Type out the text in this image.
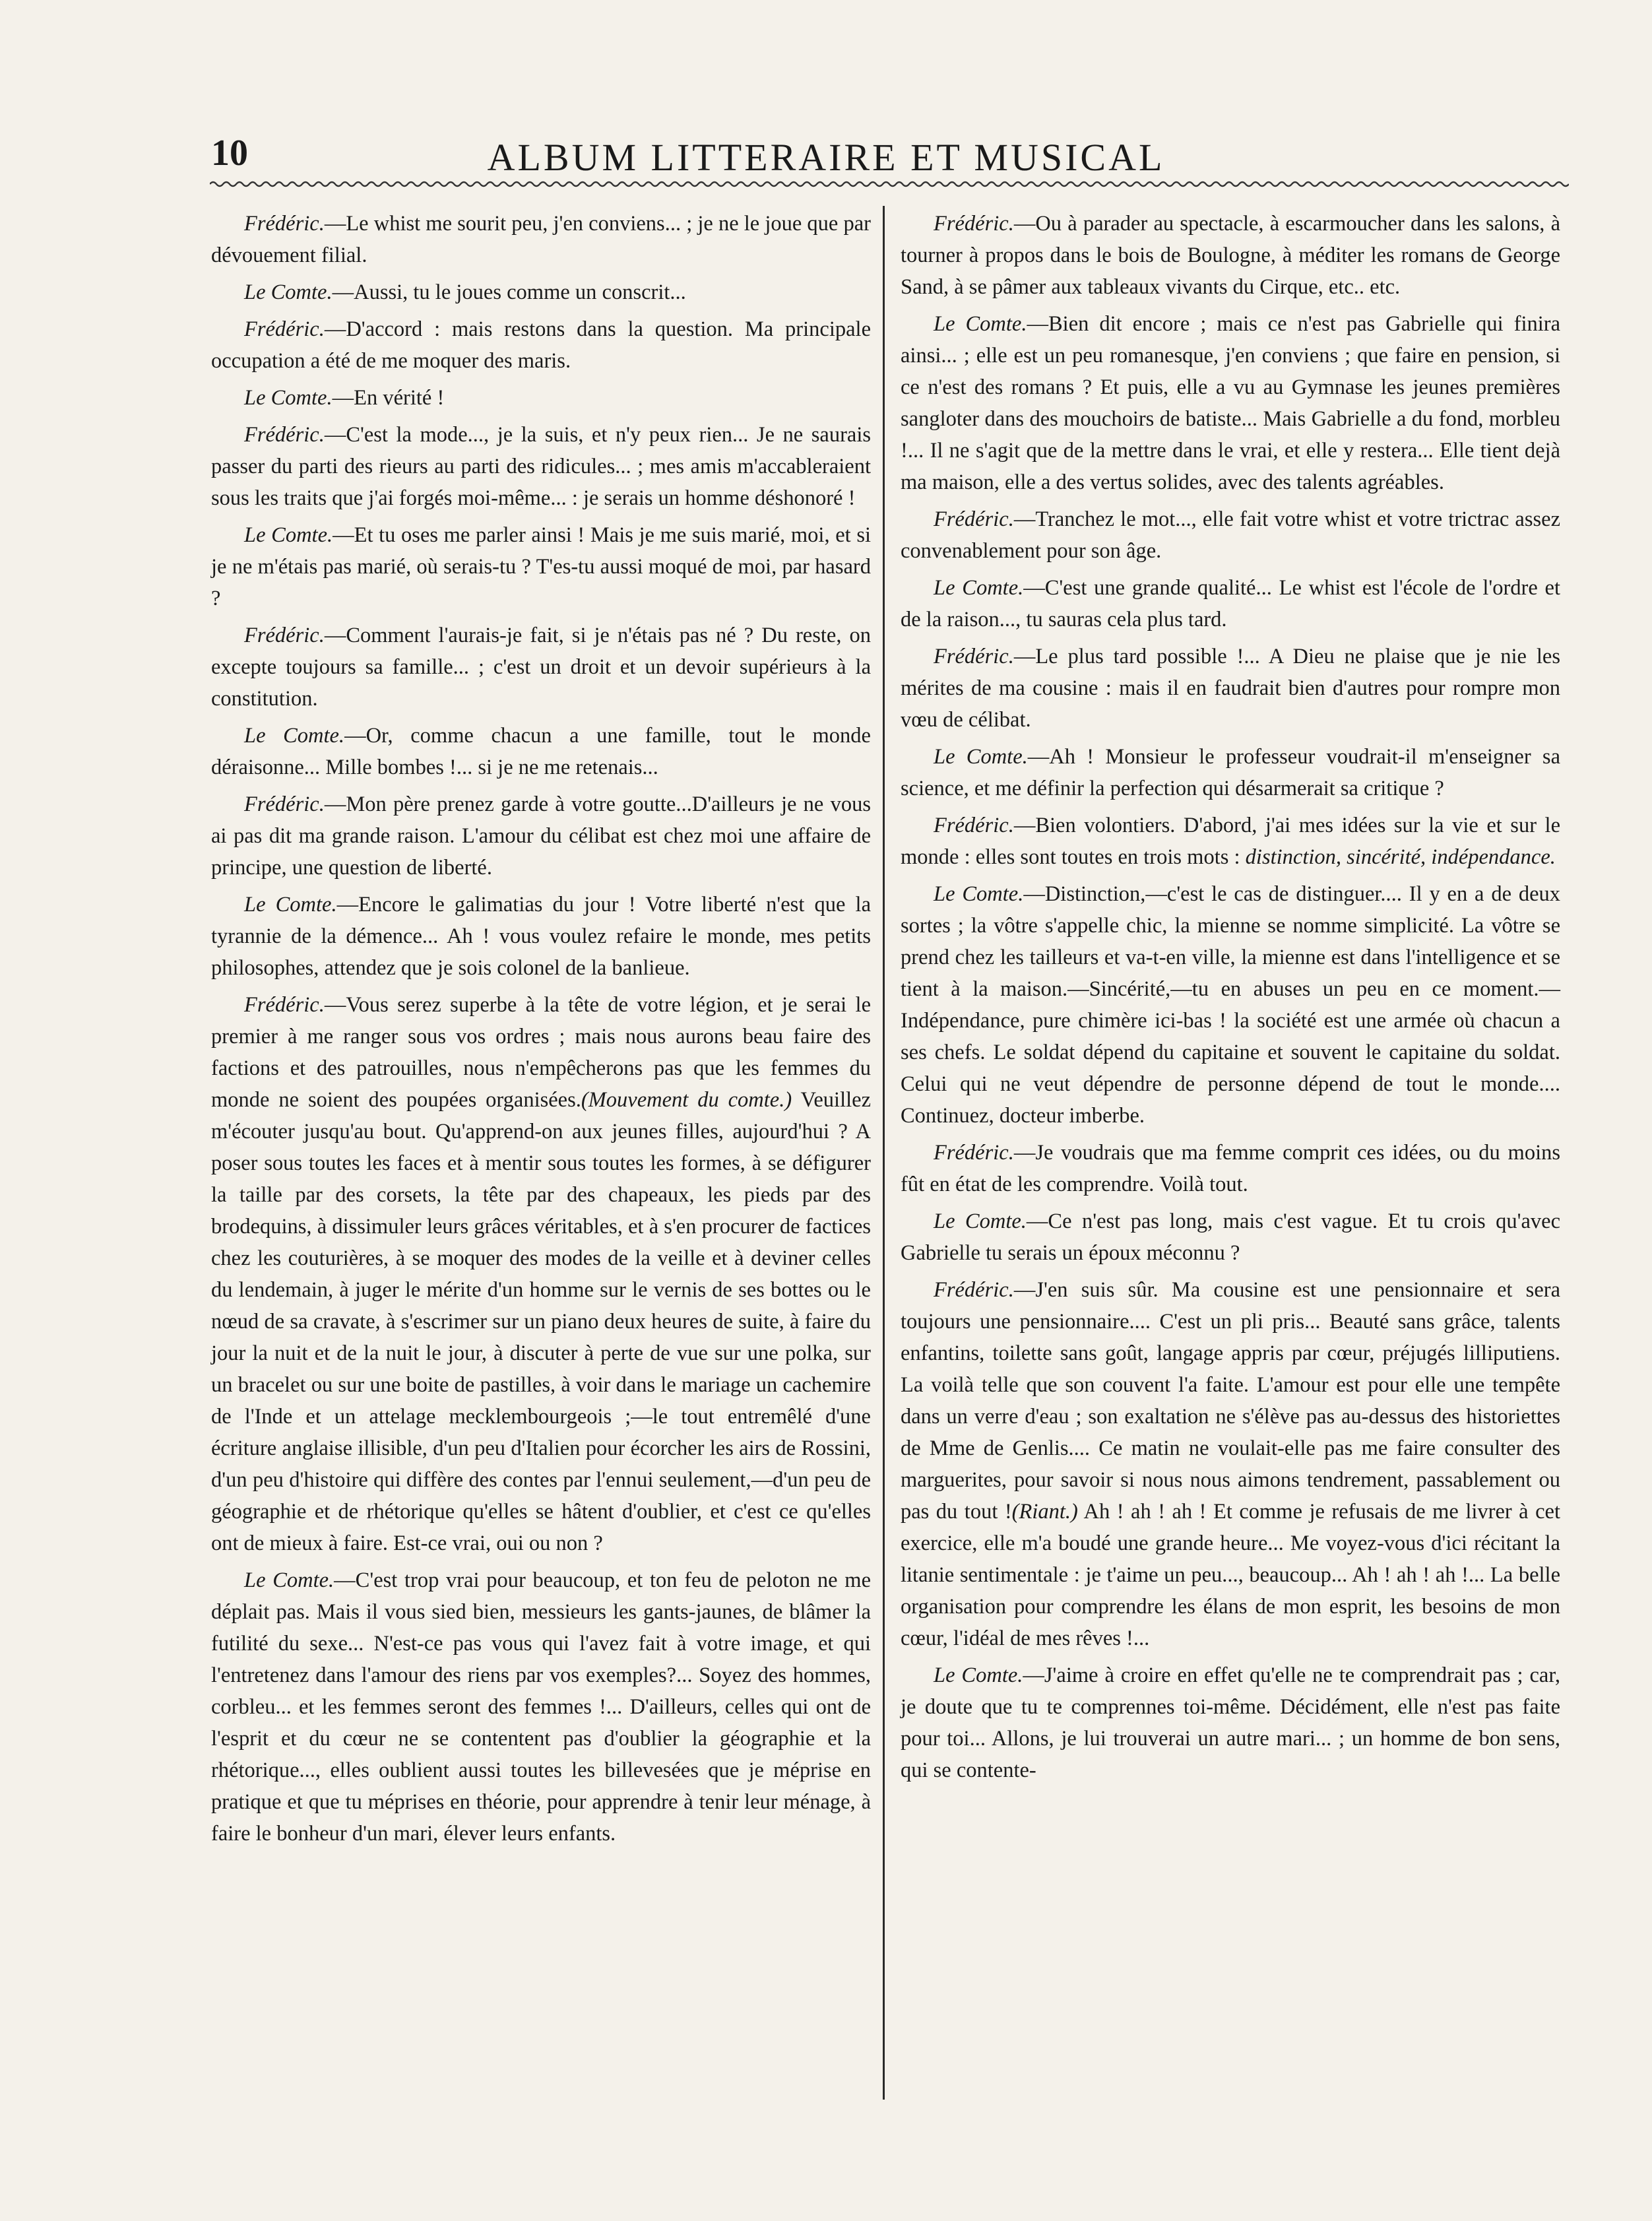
10	ALBUM LITTERAIRE ET MUSICAL

Frédéric.—Le whist me sourit peu, j'en conviens... ; je ne le joue que par dévouement filial.

Le Comte.—Aussi, tu le joues comme un conscrit...

Frédéric.—D'accord : mais restons dans la question. Ma principale occupation a été de me moquer des maris.

Le Comte.—En vérité !

Frédéric.—C'est la mode..., je la suis, et n'y peux rien... Je ne saurais passer du parti des rieurs au parti des ridicules... ; mes amis m'accableraient sous les traits que j'ai forgés moi-même... : je serais un homme déshonoré !

Le Comte.—Et tu oses me parler ainsi ! Mais je me suis marié, moi, et si je ne m'étais pas marié, où serais-tu ? T'es-tu aussi moqué de moi, par hasard ?

Frédéric.—Comment l'aurais-je fait, si je n'étais pas né ? Du reste, on excepte toujours sa famille... ; c'est un droit et un devoir supérieurs à la constitution.

Le Comte.—Or, comme chacun a une famille, tout le monde déraisonne... Mille bombes !... si je ne me retenais...

Frédéric.—Mon père prenez garde à votre goutte...D'ailleurs je ne vous ai pas dit ma grande raison. L'amour du célibat est chez moi une affaire de principe, une question de liberté.

Le Comte.—Encore le galimatias du jour ! Votre liberté n'est que la tyrannie de la démence... Ah ! vous voulez refaire le monde, mes petits philosophes, attendez que je sois colonel de la banlieue.

Frédéric.—Vous serez superbe à la tête de votre légion, et je serai le premier à me ranger sous vos ordres ; mais nous aurons beau faire des factions et des patrouilles, nous n'empêcherons pas que les femmes du monde ne soient des poupées organisées.(Mouvement du comte.) Veuillez m'écouter jusqu'au bout. Qu'apprend-on aux jeunes filles, aujourd'hui ? A poser sous toutes les faces et à mentir sous toutes les formes, à se défigurer la taille par des corsets, la tête par des chapeaux, les pieds par des brodequins, à dissimuler leurs grâces véritables, et à s'en procurer de factices chez les couturières, à se moquer des modes de la veille et à deviner celles du lendemain, à juger le mérite d'un homme sur le vernis de ses bottes ou le nœud de sa cravate, à s'escrimer sur un piano deux heures de suite, à faire du jour la nuit et de la nuit le jour, à discuter à perte de vue sur une polka, sur un bracelet ou sur une boite de pastilles, à voir dans le mariage un cachemire de l'Inde et un attelage mecklembourgeois ;—le tout entremêlé d'une écriture anglaise illisible, d'un peu d'Italien pour écorcher les airs de Rossini, d'un peu d'histoire qui diffère des contes par l'ennui seulement,—d'un peu de géographie et de rhétorique qu'elles se hâtent d'oublier, et c'est ce qu'elles ont de mieux à faire. Est-ce vrai, oui ou non ?

Le Comte.—C'est trop vrai pour beaucoup, et ton feu de peloton ne me déplait pas. Mais il vous sied bien, messieurs les gants-jaunes, de blâmer la futilité du sexe... N'est-ce pas vous qui l'avez fait à votre image, et qui l'entretenez dans l'amour des riens par vos exemples?... Soyez des hommes, corbleu... et les femmes seront des femmes !... D'ailleurs, celles qui ont de l'esprit et du cœur ne se contentent pas d'oublier la géographie et la rhétorique..., elles oublient aussi toutes les billevesées que je méprise en pratique et que tu méprises en théorie, pour apprendre à tenir leur ménage, à faire le bonheur d'un mari, élever leurs enfants.

Frédéric.—Ou à parader au spectacle, à escarmoucher dans les salons, à tourner à propos dans le bois de Boulogne, à méditer les romans de George Sand, à se pâmer aux tableaux vivants du Cirque, etc.. etc.

Le Comte.—Bien dit encore ; mais ce n'est pas Gabrielle qui finira ainsi... ; elle est un peu romanesque, j'en conviens ; que faire en pension, si ce n'est des romans ? Et puis, elle a vu au Gymnase les jeunes premières sangloter dans des mouchoirs de batiste... Mais Gabrielle a du fond, morbleu !... Il ne s'agit que de la mettre dans le vrai, et elle y restera... Elle tient dejà ma maison, elle a des vertus solides, avec des talents agréables.

Frédéric.—Tranchez le mot..., elle fait votre whist et votre trictrac assez convenablement pour son âge.

Le Comte.—C'est une grande qualité... Le whist est l'école de l'ordre et de la raison..., tu sauras cela plus tard.

Frédéric.—Le plus tard possible !... A Dieu ne plaise que je nie les mérites de ma cousine : mais il en faudrait bien d'autres pour rompre mon vœu de célibat.

Le Comte.—Ah ! Monsieur le professeur voudrait-il m'enseigner sa science, et me définir la perfection qui désarmerait sa critique ?

Frédéric.—Bien volontiers. D'abord, j'ai mes idées sur la vie et sur le monde : elles sont toutes en trois mots : distinction, sincérité, indépendance.

Le Comte.—Distinction,—c'est le cas de distinguer.... Il y en a de deux sortes ; la vôtre s'appelle chic, la mienne se nomme simplicité. La vôtre se prend chez les tailleurs et va-t-en ville, la mienne est dans l'intelligence et se tient à la maison.—Sincérité,—tu en abuses un peu en ce moment.—Indépendance, pure chimère ici-bas ! la société est une armée où chacun a ses chefs. Le soldat dépend du capitaine et souvent le capitaine du soldat. Celui qui ne veut dépendre de personne dépend de tout le monde.... Continuez, docteur imberbe.

Frédéric.—Je voudrais que ma femme comprit ces idées, ou du moins fût en état de les comprendre. Voilà tout.

Le Comte.—Ce n'est pas long, mais c'est vague. Et tu crois qu'avec Gabrielle tu serais un époux méconnu ?

Frédéric.—J'en suis sûr. Ma cousine est une pensionnaire et sera toujours une pensionnaire.... C'est un pli pris... Beauté sans grâce, talents enfantins, toilette sans goût, langage appris par cœur, préjugés lilliputiens. La voilà telle que son couvent l'a faite. L'amour est pour elle une tempête dans un verre d'eau ; son exaltation ne s'élève pas au-dessus des historiettes de Mme de Genlis.... Ce matin ne voulait-elle pas me faire consulter des marguerites, pour savoir si nous nous aimons tendrement, passablement ou pas du tout !(Riant.) Ah ! ah ! ah ! Et comme je refusais de me livrer à cet exercice, elle m'a boudé une grande heure... Me voyez-vous d'ici récitant la litanie sentimentale : je t'aime un peu..., beaucoup... Ah ! ah ! ah !... La belle organisation pour comprendre les élans de mon esprit, les besoins de mon cœur, l'idéal de mes rêves !...

Le Comte.—J'aime à croire en effet qu'elle ne te comprendrait pas ; car, je doute que tu te comprennes toi-même. Décidément, elle n'est pas faite pour toi... Allons, je lui trouverai un autre mari... ; un homme de bon sens, qui se contente-
